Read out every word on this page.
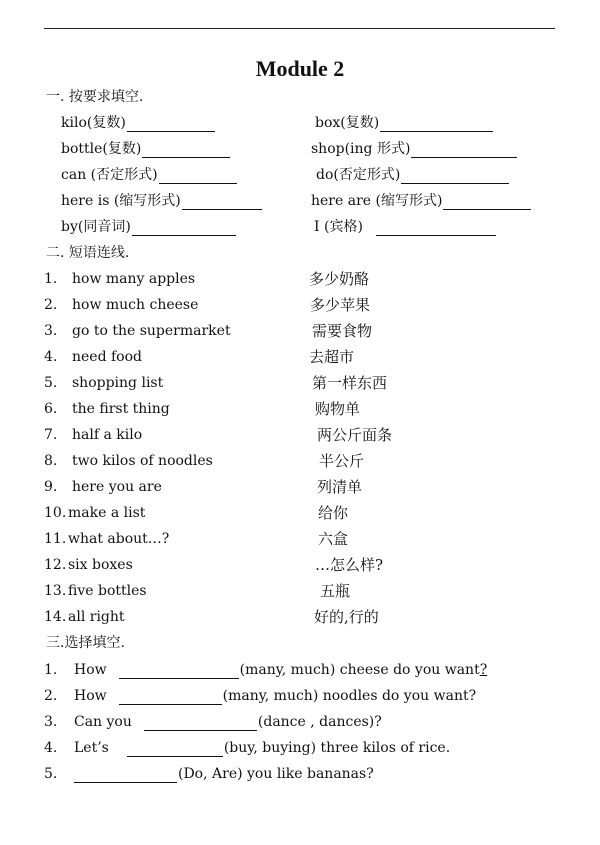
Module 2
一. 按要求填空.
kilo(复数)	box(复数)
bottle(复数)	shop(ing 形式)
can (否定形式)	do(否定形式)
here is (缩写形式)	here are (缩写形式)
by(同音词)	I (宾格)
二. 短语连线.
1. how many apples	多少奶酪
2. how much cheese	多少苹果
3. go to the supermarket	需要食物
4. need food	去超市
5. shopping list	第一样东西
6. the first thing	购物单
7. half a kilo	两公斤面条
8. two kilos of noodles	半公斤
9. here you are	列清单
10. make a list	给你
11. what about…?	六盒
12. six boxes	…怎么样?
13. five bottles	五瓶
14. all right	好的,行的
三.选择填空.
1.	How	(many, much) cheese do you want ?
2.	How	(many, much) noodles do you want?
3.	Can you	(dance , dances)?
4.	Let’s	(buy, buying) three kilos of rice.
5.	(Do, Are) you like bananas?
